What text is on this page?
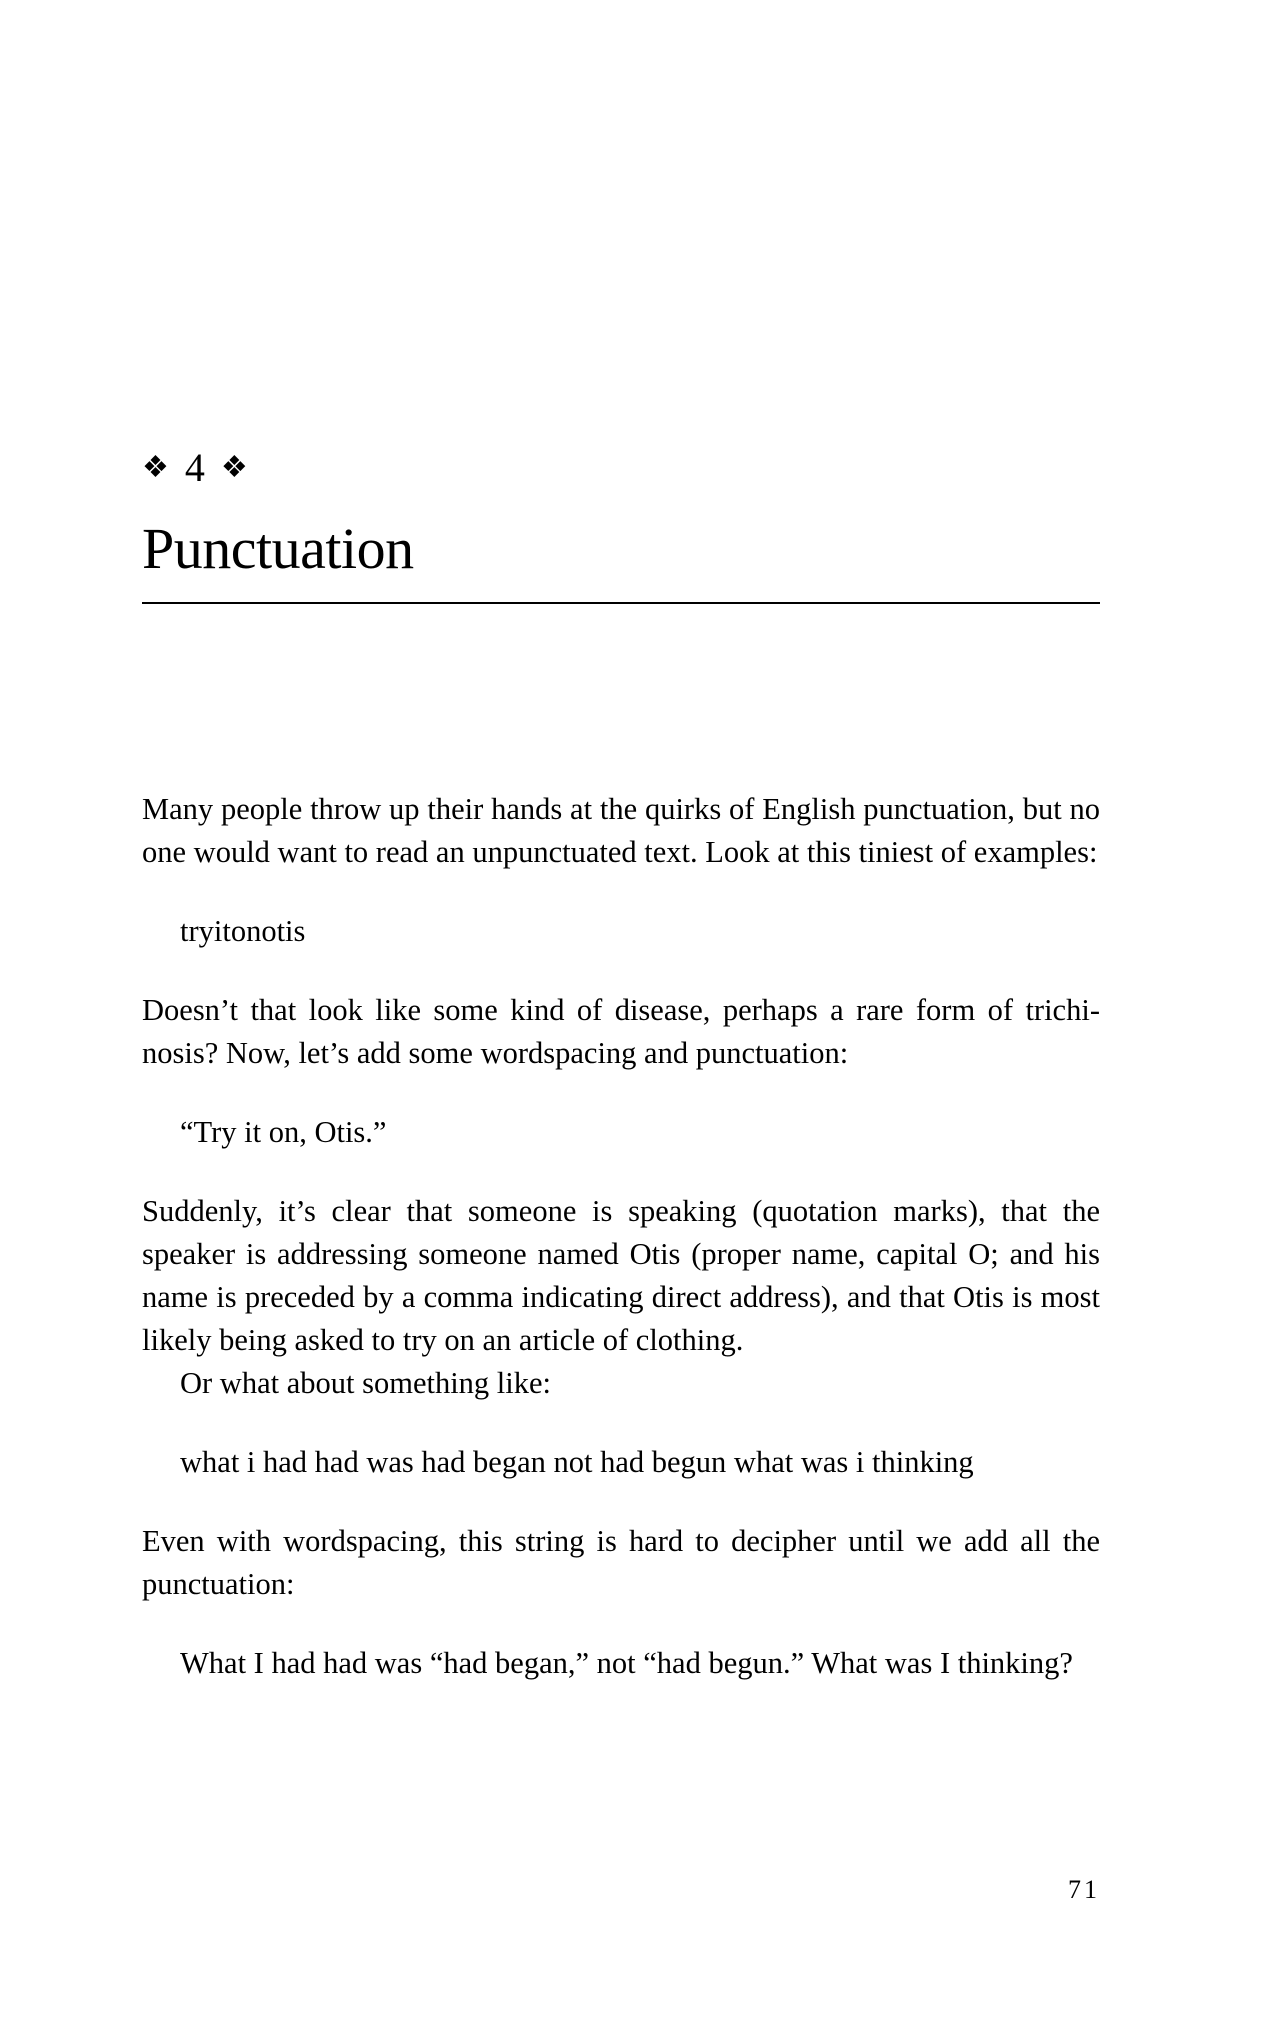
❖ 4 ❖
Punctuation

Many people throw up their hands at the quirks of English punctuation, but no one would want to read an unpunctuated text. Look at this tiniest of examples:

tryitonotis

Doesn’t that look like some kind of disease, perhaps a rare form of trichinosis? Now, let’s add some wordspacing and punctuation:

“Try it on, Otis.”

Suddenly, it’s clear that someone is speaking (quotation marks), that the speaker is addressing someone named Otis (proper name, capital O; and his name is preceded by a comma indicating direct address), and that Otis is most likely being asked to try on an article of clothing.

Or what about something like:

what i had had was had began not had begun what was i thinking

Even with wordspacing, this string is hard to decipher until we add all the punctuation:

What I had had was “had began,” not “had begun.” What was I thinking?

71
